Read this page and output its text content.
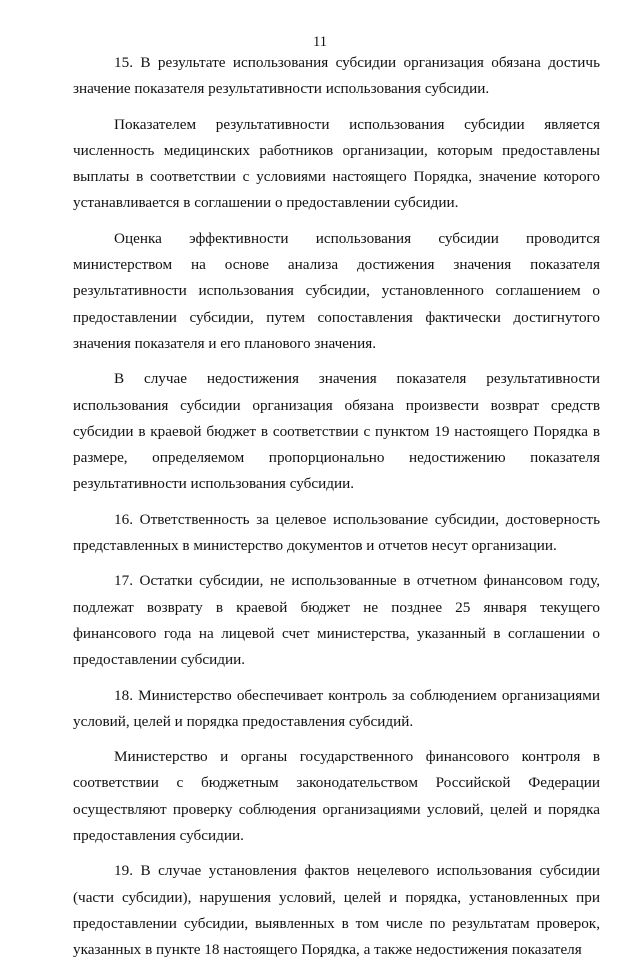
11

15. В результате использования субсидии организация обязана достичь значение показателя результативности использования субсидии.

Показателем результативности использования субсидии является численность медицинских работников организации, которым предоставлены выплаты в соответствии с условиями настоящего Порядка, значение которого устанавливается в соглашении о предоставлении субсидии.

Оценка эффективности использования субсидии проводится министерством на основе анализа достижения значения показателя результативности использования субсидии, установленного соглашением о предоставлении субсидии, путем сопоставления фактически достигнутого значения показателя и его планового значения.

В случае недостижения значения показателя результативности использования субсидии организация обязана произвести возврат средств субсидии в краевой бюджет в соответствии с пунктом 19 настоящего Порядка в размере, определяемом пропорционально недостижению показателя результативности использования субсидии.

16. Ответственность за целевое использование субсидии, достоверность представленных в министерство документов и отчетов несут организации.

17. Остатки субсидии, не использованные в отчетном финансовом году, подлежат возврату в краевой бюджет не позднее 25 января текущего финансового года на лицевой счет министерства, указанный в соглашении о предоставлении субсидии.

18. Министерство обеспечивает контроль за соблюдением организациями условий, целей и порядка предоставления субсидий.

Министерство и органы государственного финансового контроля в соответствии с бюджетным законодательством Российской Федерации осуществляют проверку соблюдения организациями условий, целей и порядка предоставления субсидии.

19. В случае установления фактов нецелевого использования субсидии (части субсидии), нарушения условий, целей и порядка, установленных при предоставлении субсидии, выявленных в том числе по результатам проверок, указанных в пункте 18 настоящего Порядка, а также недостижения показателя
